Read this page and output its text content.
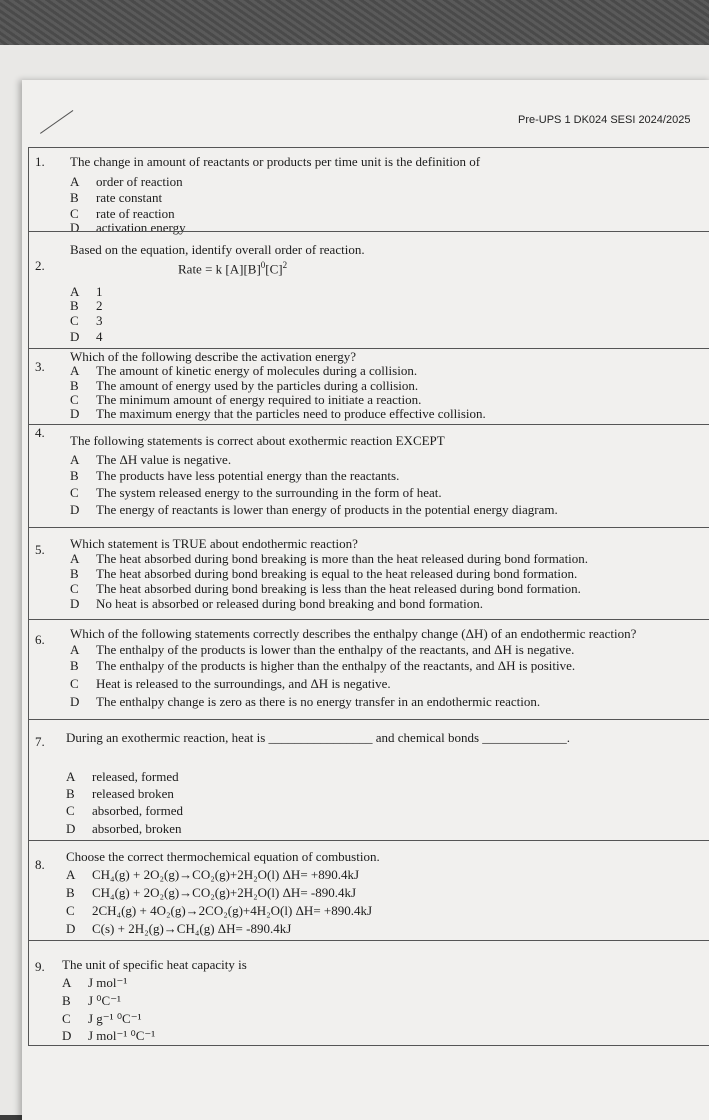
Pre-UPS 1 DK024 SESI 2024/2025
1. The change in amount of reactants or products per time unit is the definition of
A order of reaction
B rate constant
C rate of reaction
D activation energy
2.
Based on the equation, identify overall order of reaction.
Rate = k $[A][B]^0[C]^2$
A 1
B 2
C 3
D 4
3.
Which of the following describe the activation energy?
A The amount of kinetic energy of molecules during a collision.
B The amount of energy used by the particles during a collision.
C The minimum amount of energy required to initiate a reaction.
D The maximum energy that the particles need to produce effective collision.
4.
The following statements is correct about exothermic reaction EXCEPT
A The ΔH value is negative.
B The products have less potential energy than the reactants.
C The system released energy to the surrounding in the form of heat.
D The energy of reactants is lower than energy of products in the potential energy diagram.
5. Which statement is TRUE about endothermic reaction?
A The heat absorbed during bond breaking is more than the heat released during bond formation.
B The heat absorbed during bond breaking is equal to the heat released during bond formation.
C The heat absorbed during bond breaking is less than the heat released during bond formation.
D No heat is absorbed or released during bond breaking and bond formation.
6. Which of the following statements correctly describes the enthalpy change (ΔH) of an endothermic reaction?
A The enthalpy of the products is lower than the enthalpy of the reactants, and ΔH is negative.
B The enthalpy of the products is higher than the enthalpy of the reactants, and ΔH is positive.
C Heat is released to the surroundings, and ΔH is negative.
D The enthalpy change is zero as there is no energy transfer in an endothermic reaction.
7. During an exothermic reaction, heat is ________________ and chemical bonds _____________.
A released, formed
B released broken
C absorbed, formed
D absorbed, broken
8.
Choose the correct thermochemical equation of combustion.
A CH₄(g) + 2O₂(g)→CO₂(g)+2H₂O(l) ΔH= +890.4kJ
B CH₄(g) + 2O₂(g)→CO₂(g)+2H₂O(l) ΔH= -890.4kJ
C 2CH₄(g) + 4O₂(g)→2CO₂(g)+4H₂O(l) ΔH= +890.4kJ
D C(s) + 2H₂(g)→CH₄(g) ΔH= -890.4kJ
9. The unit of specific heat capacity is
A J mol⁻¹
B J ⁰C⁻¹
C J g⁻¹ ⁰C⁻¹
D J mol⁻¹ ⁰C⁻¹
